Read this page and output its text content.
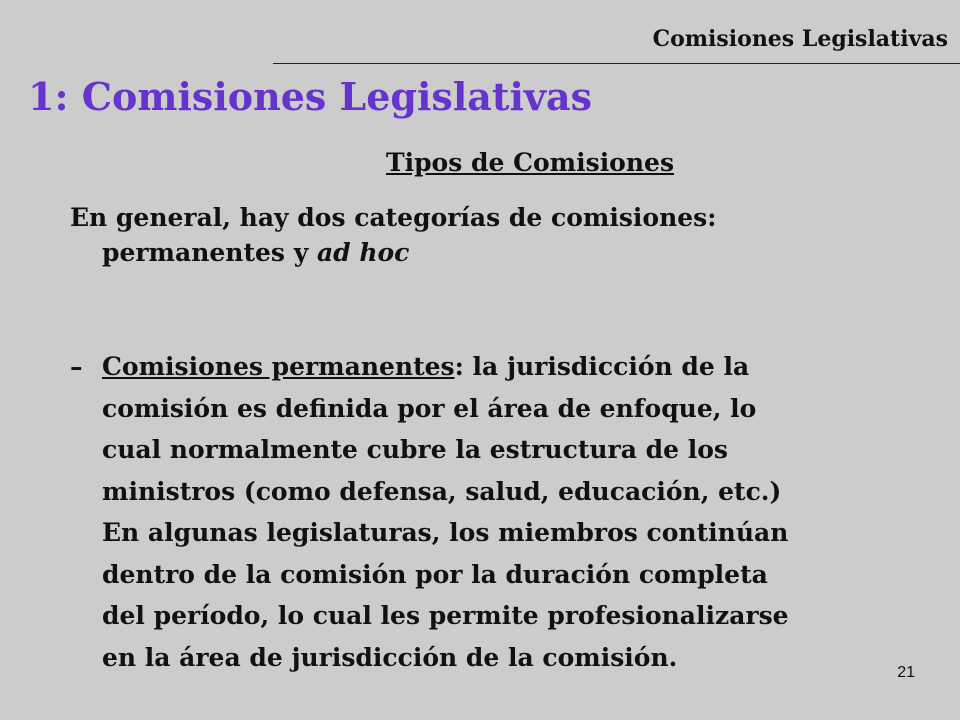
Comisiones Legislativas
1: Comisiones Legislativas
Tipos de Comisiones
En general, hay dos categorías de comisiones:
permanentes y ad hoc
– Comisiones permanentes: la jurisdicción de la
comisión es definida por el área de enfoque, lo
cual normalmente cubre la estructura de los
ministros (como defensa, salud, educación, etc.)
En algunas legislaturas, los miembros continúan
dentro de la comisión por la duración completa
del período, lo cual les permite profesionalizarse
en la área de jurisdicción de la comisión.
21
